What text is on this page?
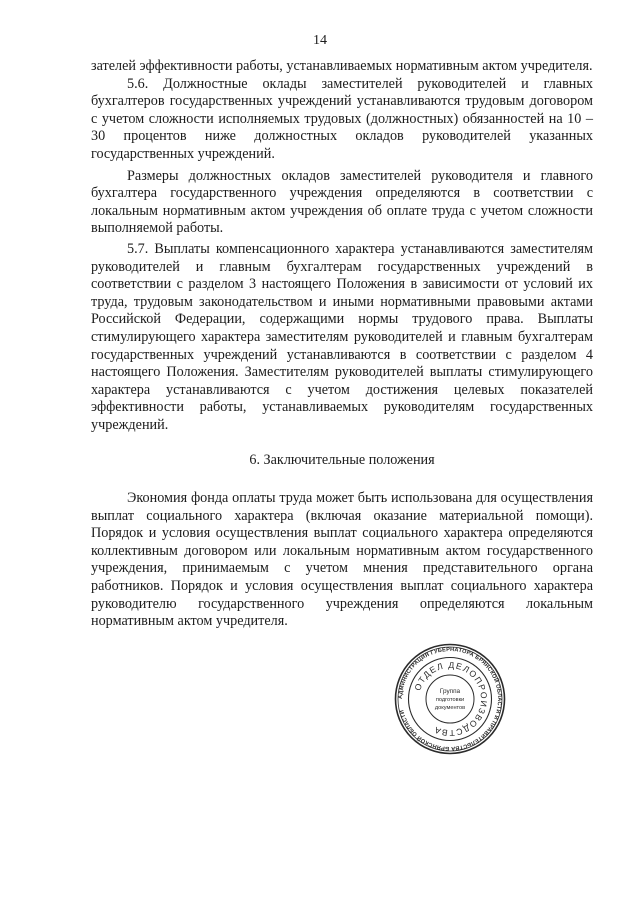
14

зателей эффективности работы, устанавливаемых нормативным актом учредителя.

5.6. Должностные оклады заместителей руководителей и главных бухгалтеров государственных учреждений устанавливаются трудовым договором с учетом сложности исполняемых трудовых (должностных) обязанностей на 10 – 30 процентов ниже должностных окладов руководителей указанных государственных учреждений.

Размеры должностных окладов заместителей руководителя и главного бухгалтера государственного учреждения определяются в соответствии с локальным нормативным актом учреждения об оплате труда с учетом сложности выполняемой работы.

5.7. Выплаты компенсационного характера устанавливаются заместителям руководителей и главным бухгалтерам государственных учреждений в соответствии с разделом 3 настоящего Положения в зависимости от условий их труда, трудовым законодательством и иными нормативными правовыми актами Российской Федерации, содержащими нормы трудового права. Выплаты стимулирующего характера заместителям руководителей и главным бухгалтерам государственных учреждений устанавливаются в соответствии с разделом 4 настоящего Положения. Заместителям руководителей выплаты стимулирующего характера устанавливаются с учетом достижения целевых показателей эффективности работы, устанавливаемых руководителям государственных учреждений.

6. Заключительные положения

Экономия фонда оплаты труда может быть использована для осуществления выплат социального характера (включая оказание материальной помощи). Порядок и условия осуществления выплат социального характера определяются коллективным договором или локальным нормативным актом государственного учреждения, принимаемым с учетом мнения представительного органа работников. Порядок и условия осуществления выплат социального характера руководителю государственного учреждения определяются локальным нормативным актом учредителя.

АДМИНИСТРАЦИЯ ГУБЕРНАТОРА БРЯНСКОЙ ОБЛАСТИ И ПРАВИТЕЛЬСТВА БРЯНСКОЙ ОБЛАСТИ
ОТДЕЛ ДЕЛОПРОИЗВОДСТВА
Группа
подготовки
документов
